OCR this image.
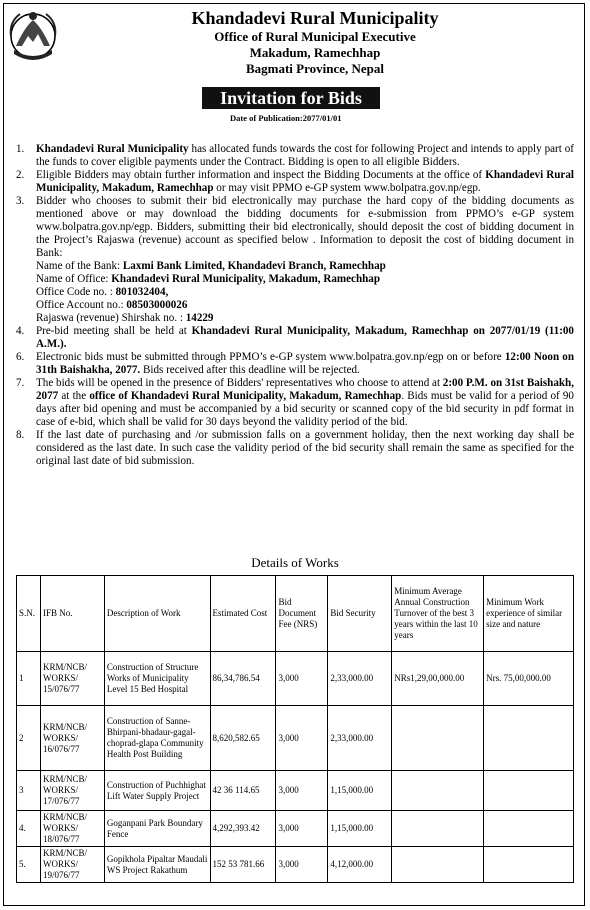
Khandadevi Rural Municipality
Office of Rural Municipal Executive
Makadum, Ramechhap
Bagmati Province, Nepal
Invitation for Bids
Date of Publication:2077/01/01

1. Khandadevi Rural Municipality has allocated funds towards the cost for following Project and intends to apply part of the funds to cover eligible payments under the Contract. Bidding is open to all eligible Bidders.

2. Eligible Bidders may obtain further information and inspect the Bidding Documents at the office of Khandadevi Rural Municipality, Makadum, Ramechhap or may visit PPMO e-GP system www.bolpatra.gov.np/egp.

3. Bidder who chooses to submit their bid electronically may purchase the hard copy of the bidding documents as mentioned above or may download the bidding documents for e-submission from PPMO’s e-GP system www.bolpatra.gov.np/egp. Bidders, submitting their bid electronically, should deposit the cost of bidding document in the Project’s Rajaswa (revenue) account as specified below . Information to deposit the cost of bidding document in Bank:
Name of the Bank: Laxmi Bank Limited, Khandadevi Branch, Ramechhap
Name of Office: Khandadevi Rural Municipality, Makadum, Ramechhap
Office Code no. : 801032404,
Office Account no.: 08503000026
Rajaswa (revenue) Shirshak no. : 14229

4. Pre-bid meeting shall be held at Khandadevi Rural Municipality, Makadum, Ramechhap on 2077/01/19 (11:00 A.M.).

6. Electronic bids must be submitted through PPMO’s e-GP system www.bolpatra.gov.np/egp on or before 12:00 Noon on 31th Baishakha, 2077. Bids received after this deadline will be rejected.

7. The bids will be opened in the presence of Bidders' representatives who choose to attend at 2:00 P.M. on 31st Baishakh, 2077 at the office of Khandadevi Rural Municipality, Makadum, Ramechhap. Bids must be valid for a period of 90 days after bid opening and must be accompanied by a bid security or scanned copy of the bid security in pdf format in case of e-bid, which shall be valid for 30 days beyond the validity period of the bid.

8. If the last date of purchasing and /or submission falls on a government holiday, then the next working day shall be considered as the last date. In such case the validity period of the bid security shall remain the same as specified for the original last date of bid submission.

Details of Works
S.N.	IFB No.	Description of Work	Estimated Cost	Bid Document Fee (NRS)	Bid Security	Minimum Average Annual Construction Turnover of the best 3 years within the last 10 years	Minimum Work experience of similar size and nature
1	KRM/NCB/ WORKS/ 15/076/77	Construction of Structure Works of Municipality Level 15 Bed Hospital	86,34,786.54	3,000	2,33,000.00	NRs1,29,00,000.00	Nrs. 75,00,000.00
2	KRM/NCB/ WORKS/ 16/076/77	Construction of Sanne-Bhirpani-bhadaur-gagal-choprad-glapa Community Health Post Building	8,620,582.65	3,000	2,33,000.00		
3	KRM/NCB/ WORKS/ 17/076/77	Construction of Puchhighat Lift Water Supply Project	42 36 114.65	3,000	1,15,000.00		
4.	KRM/NCB/ WORKS/ 18/076/77	Goganpani Park Boundary Fence	4,292,393.42	3,000	1,15,000.00		
5.	KRM/NCB/ WORKS/ 19/076/77	Gopikhola Pipaltar Maudali WS Project Rakathum	152 53 781.66	3,000	4,12,000.00		
